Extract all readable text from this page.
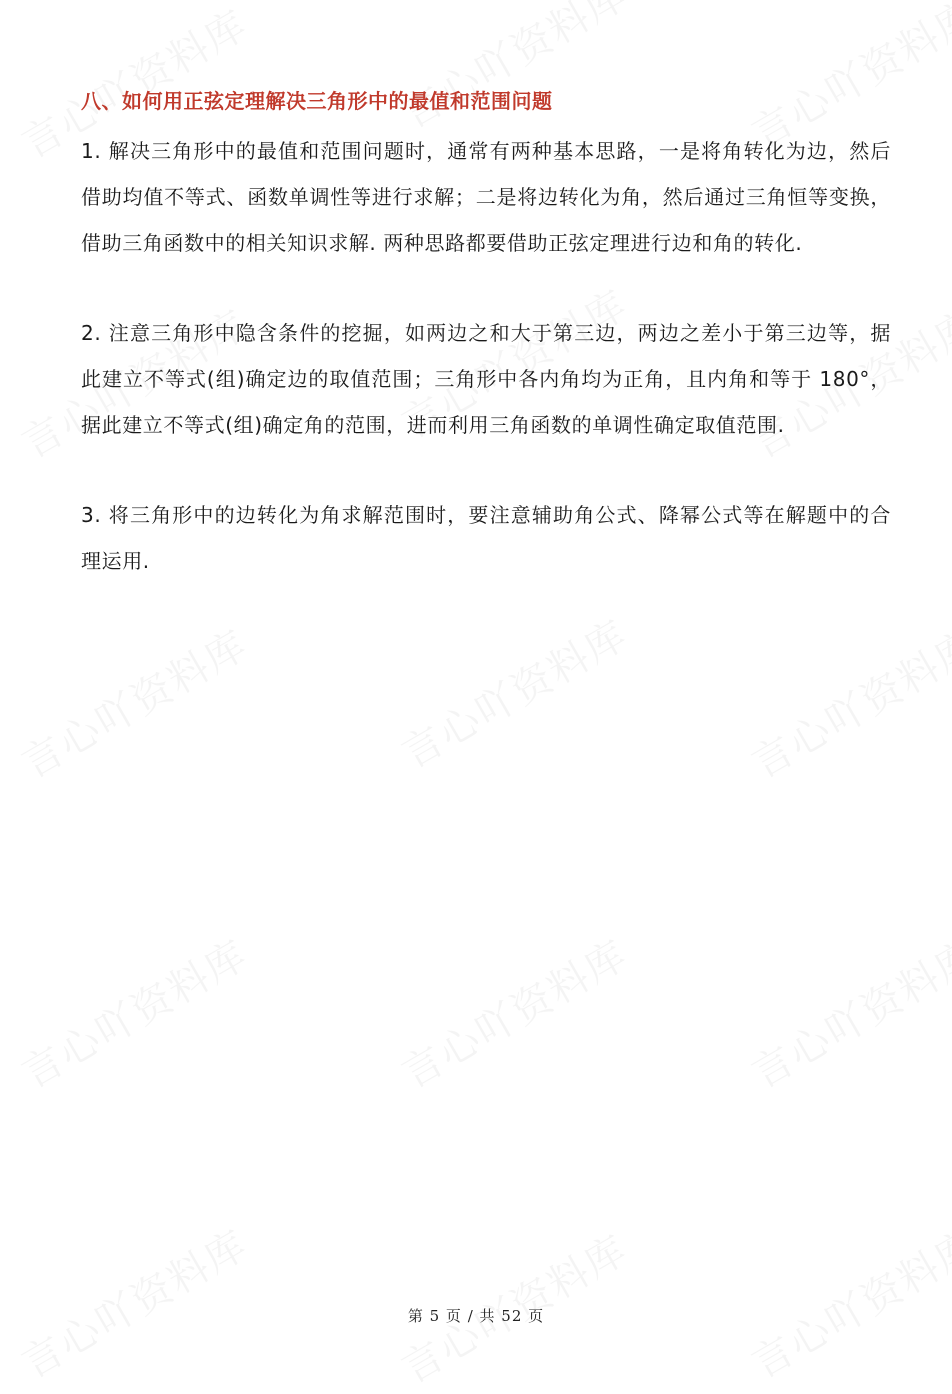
八、如何用正弦定理解决三角形中的最值和范围问题

1. 解决三角形中的最值和范围问题时，通常有两种基本思路，一是将角转化为边，然后借助均值不等式、函数单调性等进行求解；二是将边转化为角，然后通过三角恒等变换，借助三角函数中的相关知识求解. 两种思路都要借助正弦定理进行边和角的转化.

2. 注意三角形中隐含条件的挖掘，如两边之和大于第三边，两边之差小于第三边等，据此建立不等式(组)确定边的取值范围；三角形中各内角均为正角，且内角和等于 180°，据此建立不等式(组)确定角的范围，进而利用三角函数的单调性确定取值范围.

3. 将三角形中的边转化为角求解范围时，要注意辅助角公式、降幂公式等在解题中的合理运用.

第 5 页 / 共 52 页
